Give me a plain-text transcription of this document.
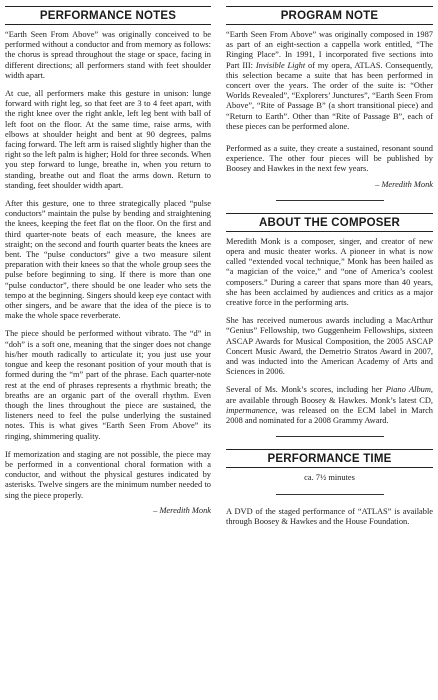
PERFORMANCE NOTES

“Earth Seen From Above” was originally conceived to be performed without a conductor and from memory as follows: the chorus is spread throughout the stage or space, facing in different directions; all performers stand with feet shoulder width apart.

At cue, all performers make this gesture in unison: lunge forward with right leg, so that feet are 3 to 4 feet apart, with the right knee over the right ankle, left leg bent with ball of left foot on the floor. At the same time, raise arms, with elbows at shoulder height and bent at 90 degrees, palms facing forward. The left arm is raised slightly higher than the right so the left palm is higher; Hold for three seconds. When you step forward to lunge, breathe in, when you return to standing, breathe out and float the arms down. Return to standing, feet shoulder width apart.

After this gesture, one to three strategically placed “pulse conductors” maintain the pulse by bending and straightening the knees, keeping the feet flat on the floor. On the first and third quarter-note beats of each measure, the knees are straight; on the second and fourth quarter beats the knees are bent. The “pulse conductors” give a two measure silent preparation with their knees so that the whole group sees the pulse before beginning to sing. If there is more than one “pulse conductor”, there should be one leader who sets the tempo at the beginning. Singers should keep eye contact with other singers, and be aware that the idea of the piece is to make the whole space reverberate.

The piece should be performed without vibrato. The “d” in “doh” is a soft one, meaning that the singer does not change his/her mouth radically to articulate it; you just use your tongue and keep the resonant position of your mouth that is formed during the “m” part of the phrase. Each quarter-note rest at the end of phrases represents a rhythmic breath; the breaths are an organic part of the overall rhythm. Even though the lines throughout the piece are sustained, the listeners need to feel the pulse underlying the sustained notes. This is what gives “Earth Seen From Above” its ringing, shimmering quality.

If memorization and staging are not possible, the piece may be performed in a conventional choral formation with a conductor, and without the physical gestures indicated by asterisks. Twelve singers are the minimum number needed to sing the piece properly.

– Meredith Monk
PROGRAM NOTE

“Earth Seen From Above” was originally composed in 1987 as part of an eight-section a cappella work entitled, “The Ringing Place”. In 1991, I incorporated five sections into Part III: Invisible Light of my opera, ATLAS. Consequently, this selection became a suite that has been performed in concert over the years. The order of the suite is: “Other Worlds Revealed”, “Explorers’ Junctures”, “Earth Seen From Above”, “Rite of Passage B” (a short transitional piece) and “Return to Earth”. Other than “Rite of Passage B”, each of these pieces can be performed alone.

Performed as a suite, they create a sustained, resonant sound experience. The other four pieces will be published by Boosey and Hawkes in the next few years.

– Meredith Monk
ABOUT THE COMPOSER

Meredith Monk is a composer, singer, and creator of new opera and music theater works. A pioneer in what is now called “extended vocal technique,” Monk has been hailed as “a magician of the voice,” and “one of America’s coolest composers.” During a career that spans more than 40 years, she has been acclaimed by audiences and critics as a major creative force in the performing arts.

She has received numerous awards including a MacArthur “Genius” Fellowship, two Guggenheim Fellowships, sixteen ASCAP Awards for Musical Composition, the 2005 ASCAP Concert Music Award, the Demetrio Stratos Award in 2007, and was inducted into the American Academy of Arts and Sciences in 2006.

Several of Ms. Monk’s scores, including her Piano Album, are available through Boosey & Hawkes. Monk’s latest CD, impermanence, was released on the ECM label in March 2008 and nominated for a 2008 Grammy Award.

PERFORMANCE TIME

ca. 7½ minutes

A DVD of the staged performance of “ATLAS” is available through Boosey & Hawkes and the House Foundation.
